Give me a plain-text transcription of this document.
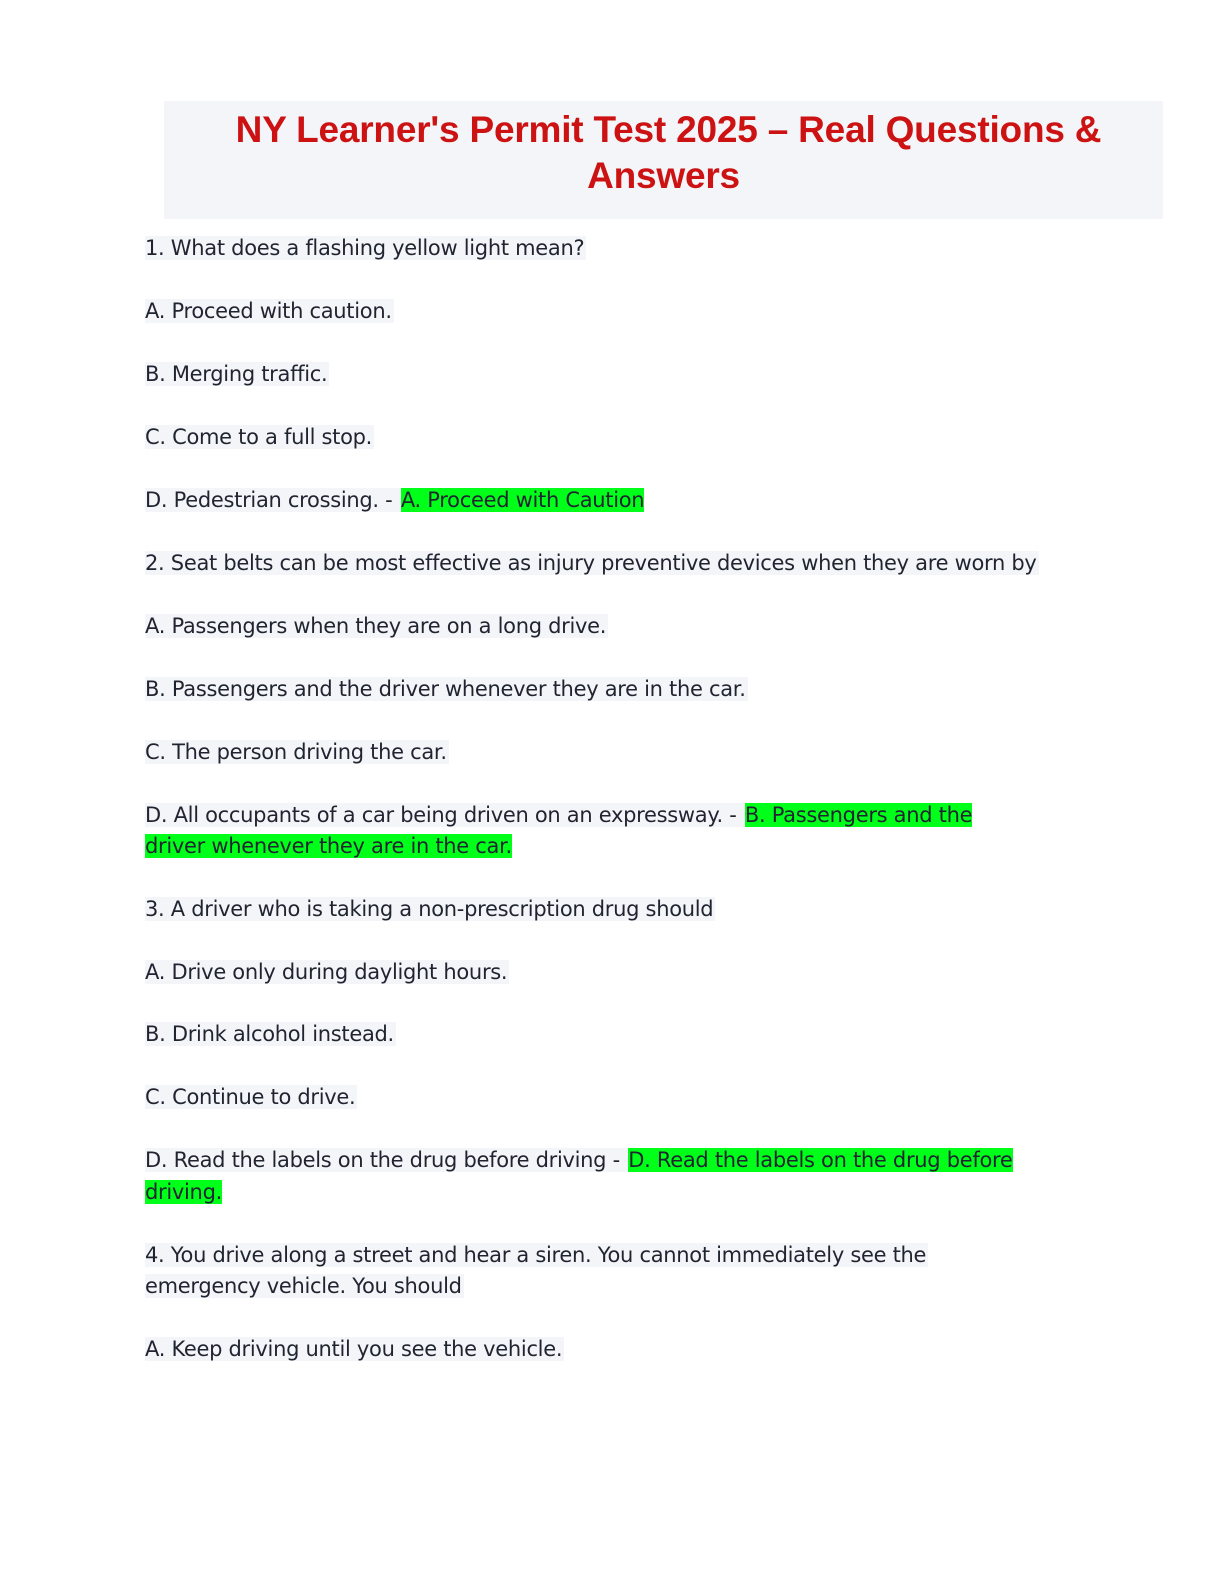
NY Learner's Permit Test 2025 – Real Questions &
Answers
1. What does a flashing yellow light mean?
A. Proceed with caution.
B. Merging traffic.
C. Come to a full stop.
D. Pedestrian crossing. - A. Proceed with Caution
2. Seat belts can be most effective as injury preventive devices when they are worn by
A. Passengers when they are on a long drive.
B. Passengers and the driver whenever they are in the car.
C. The person driving the car.
D. All occupants of a car being driven on an expressway. - B. Passengers and the
driver whenever they are in the car.
3. A driver who is taking a non-prescription drug should
A. Drive only during daylight hours.
B. Drink alcohol instead.
C. Continue to drive.
D. Read the labels on the drug before driving - D. Read the labels on the drug before
driving.
4. You drive along a street and hear a siren. You cannot immediately see the
emergency vehicle. You should
A. Keep driving until you see the vehicle.
